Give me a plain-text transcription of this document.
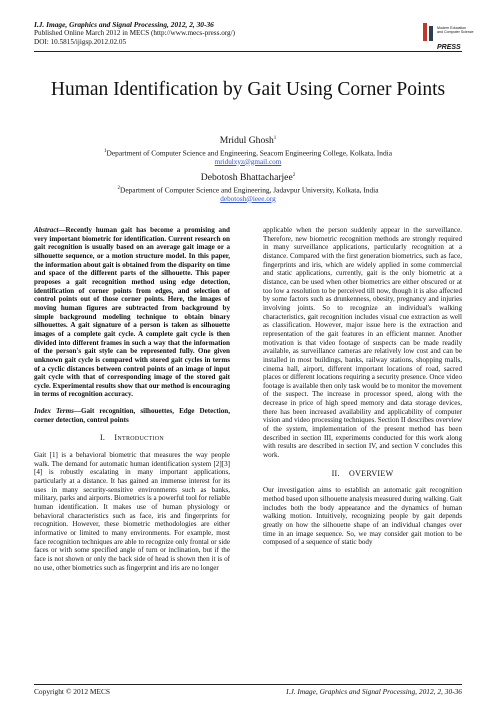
I.J. Image, Graphics and Signal Processing, 2012, 2, 30-36
Published Online March 2012 in MECS (http://www.mecs-press.org/)
DOI: 10.5815/ijigsp.2012.02.05
Modern Education
and Computer Science
PRESS
Human Identification by Gait Using Corner Points
Mridul Ghosh$^1$
$^1$Department of Computer Science and Engineering, Seacom Engineering College, Kolkata, India
mridulxyz@gmail.com
Debotosh Bhattacharjee$^2$
$^2$Department of Computer Science and Engineering, Jadavpur University, Kolkata, India
debotosh@ieee.org
Abstract—Recently human gait has become a promising and very important biometric for identification. Current research on gait recognition is usually based on an average gait image or a silhouette sequence, or a motion structure model. In this paper, the information about gait is obtained from the disparity on time and space of the different parts of the silhouette. This paper proposes a gait recognition method using edge detection, identification of corner points from edges, and selection of control points out of those corner points. Here, the images of moving human figures are subtracted from background by simple background modeling technique to obtain binary silhouettes. A gait signature of a person is taken as silhouette images of a complete gait cycle. A complete gait cycle is then divided into different frames in such a way that the information of the person's gait style can be represented fully. One given unknown gait cycle is compared with stored gait cycles in terms of a cyclic distances between control points of an image of input gait cycle with that of corresponding image of the stored gait cycle. Experimental results show that our method is encouraging in terms of recognition accuracy.
Index Terms—Gait recognition, silhouettes, Edge Detection, corner detection, control points
I. Introduction
Gait [1] is a behavioral biometric that measures the way people walk. The demand for automatic human identification system [2][3][4] is robustly escalating in many important applications, particularly at a distance. It has gained an immense interest for its uses in many security-sensitive environments such as banks, military, parks and airports. Biometrics is a powerful tool for reliable human identification. It makes use of human physiology or behavioral characteristics such as face, iris and fingerprints for recognition. However, these biometric methodologies are either informative or limited to many environments. For example, most face recognition techniques are able to recognize only frontal or side faces or with some specified angle of turn or inclination, but if the face is not shown or only the back side of head is shown then it is of no use, other biometrics such as fingerprint and iris are no longer
applicable when the person suddenly appear in the surveillance. Therefore, new biometric recognition methods are strongly required in many surveillance applications, particularly recognition at a distance. Compared with the first generation biometrics, such as face, fingerprints and iris, which are widely applied in some commercial and static applications, currently, gait is the only biometric at a distance, can be used when other biometrics are either obscured or at too low a resolution to be perceived till now, though it is also affected by some factors such as drunkenness, obesity, pregnancy and injuries involving joints. So to recognize an individual's walking characteristics, gait recognition includes visual cue extraction as well as classification. However, major issue here is the extraction and representation of the gait features in an efficient manner. Another motivation is that video footage of suspects can be made readily available, as surveillance cameras are relatively low cost and can be installed in most buildings, banks, railway stations, shopping malls, cinema hall, airport, different important locations of road, sacred places or different locations requiring a security presence. Once video footage is available then only task would be to monitor the movement of the suspect. The increase in processor speed, along with the decrease in price of high speed memory and data storage devices, there has been increased availability and applicability of computer vision and video processing techniques. Section II describes overview of the system, implementation of the present method has been described in section III, experiments conducted for this work along with results are described in section IV, and section V concludes this work.
II. OVERVIEW
Our investigation aims to establish an automatic gait recognition method based upon silhouette analysis measured during walking. Gait includes both the body appearance and the dynamics of human walking motion. Intuitively, recognizing people by gait depends greatly on how the silhouette shape of an individual changes over time in an image sequence. So, we may consider gait motion to be composed of a sequence of static body
Copyright © 2012 MECS	I.J. Image, Graphics and Signal Processing, 2012, 2, 30-36
